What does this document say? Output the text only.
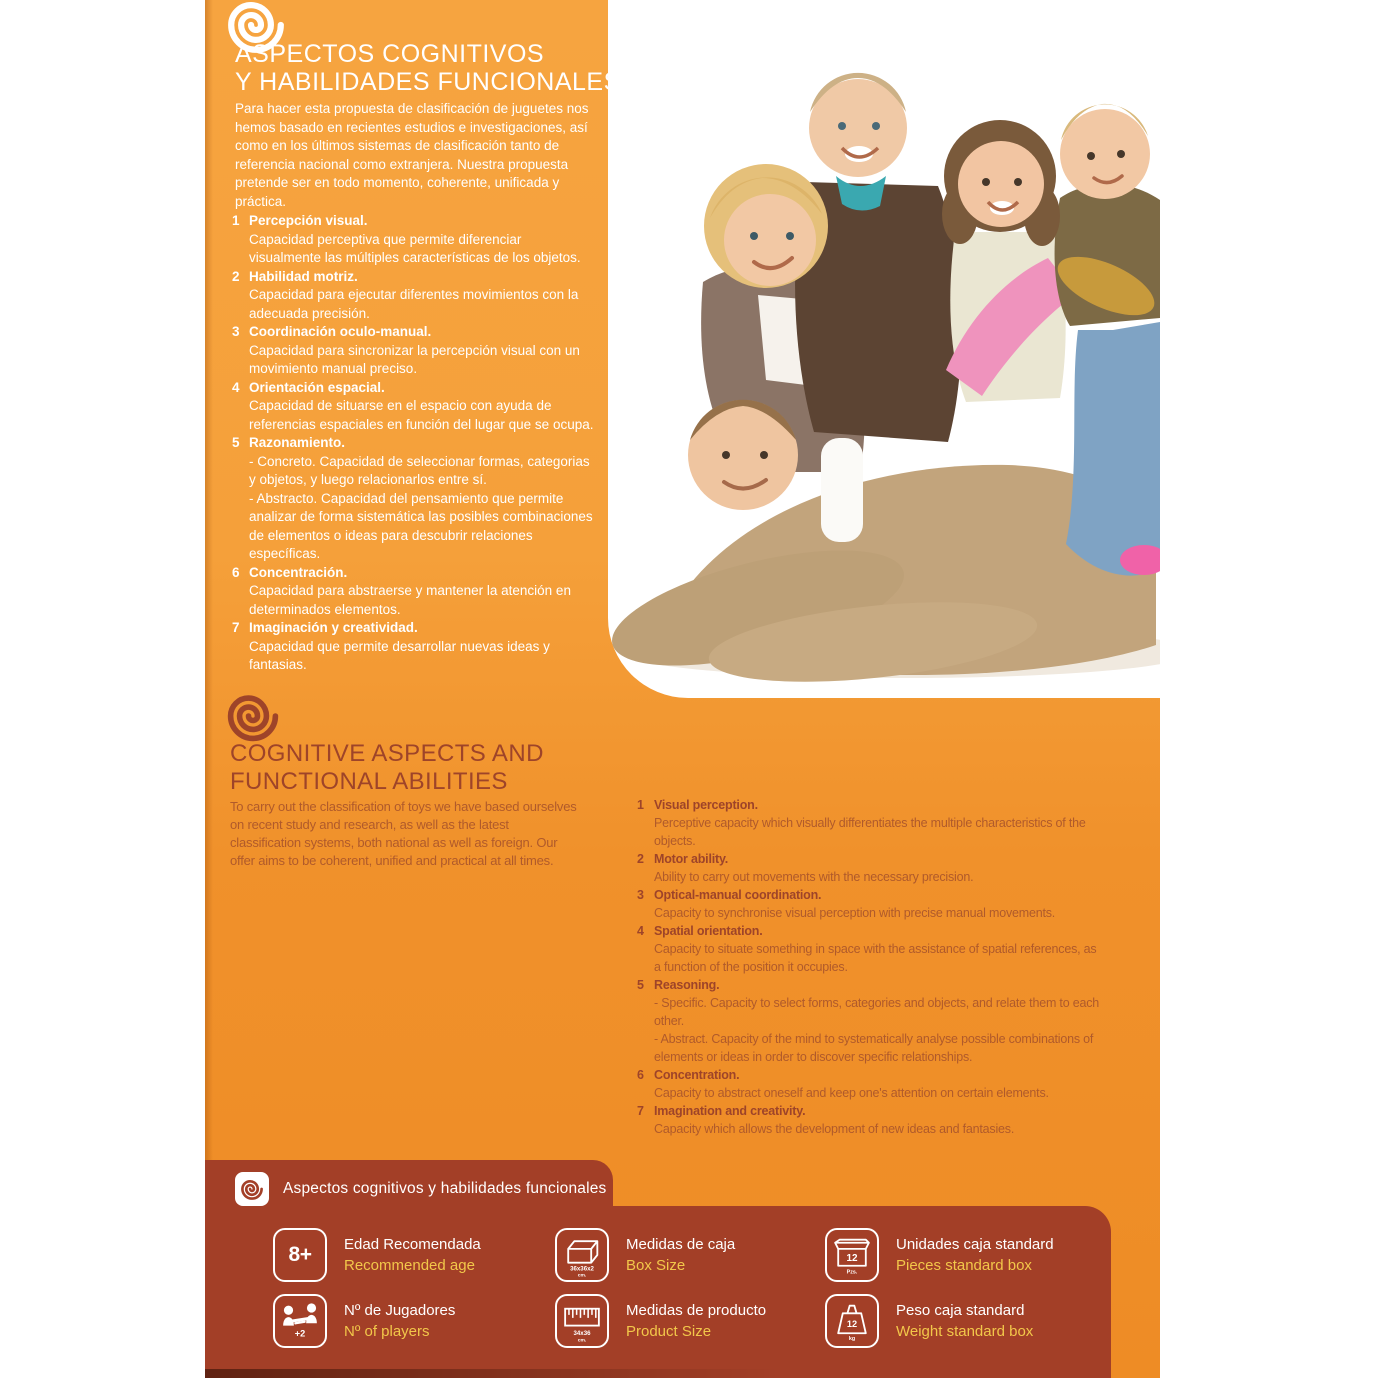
ASPECTOS COGNITIVOS
Y HABILIDADES FUNCIONALES
Para hacer esta propuesta de clasificación de juguetes nos hemos basado en recientes estudios e investigaciones, así como en los últimos sistemas de clasificación tanto de referencia nacional como extranjera. Nuestra propuesta pretende ser en todo momento, coherente, unificada y práctica.
1 Percepción visual.
Capacidad perceptiva que permite diferenciar visualmente las múltiples características de los objetos.
2 Habilidad motriz.
Capacidad para ejecutar diferentes movimientos con la adecuada precisión.
3 Coordinación oculo-manual.
Capacidad para sincronizar la percepción visual con un movimiento manual preciso.
4 Orientación espacial.
Capacidad de situarse en el espacio con ayuda de referencias espaciales en función del lugar que se ocupa.
5 Razonamiento.
- Concreto. Capacidad de seleccionar formas, categorias y objetos, y luego relacionarlos entre sí.
- Abstracto. Capacidad del pensamiento que permite analizar de forma sistemática las posibles combinaciones de elementos o ideas para descubrir relaciones específicas.
6 Concentración.
Capacidad para abstraerse y mantener la atención en determinados elementos.
7 Imaginación y creatividad.
Capacidad que permite desarrollar nuevas ideas y fantasias.
COGNITIVE ASPECTS AND
FUNCTIONAL ABILITIES
To carry out the classification of toys we have based ourselves on recent study and research, as well as the latest classification systems, both national as well as foreign. Our offer aims to be coherent, unified and practical at all times.
1 Visual perception.
Perceptive capacity which visually differentiates the multiple characteristics of the objects.
2 Motor ability.
Ability to carry out movements with the necessary precision.
3 Optical-manual coordination.
Capacity to synchronise visual perception with precise manual movements.
4 Spatial orientation.
Capacity to situate something in space with the assistance of spatial references, as a function of the position it occupies.
5 Reasoning.
- Specific. Capacity to select forms, categories and objects, and relate them to each other.
- Abstract. Capacity of the mind to systematically analyse possible combinations of elements or ideas in order to discover specific relationships.
6 Concentration.
Capacity to abstract oneself and keep one's attention on certain elements.
7 Imagination and creativity.
Capacity which allows the development of new ideas and fantasies.
Aspectos cognitivos y habilidades funcionales
8+ Edad Recomendada
Recommended age	36x36x2
cm.
Medidas de caja
Box Size	12
Pzs.
Unidades caja standard
Pieces standard box
+2
Nº de Jugadores
Nº of players	34x36
cm.
Medidas de producto
Product Size	12
kg
Peso caja standard
Weight standard box
